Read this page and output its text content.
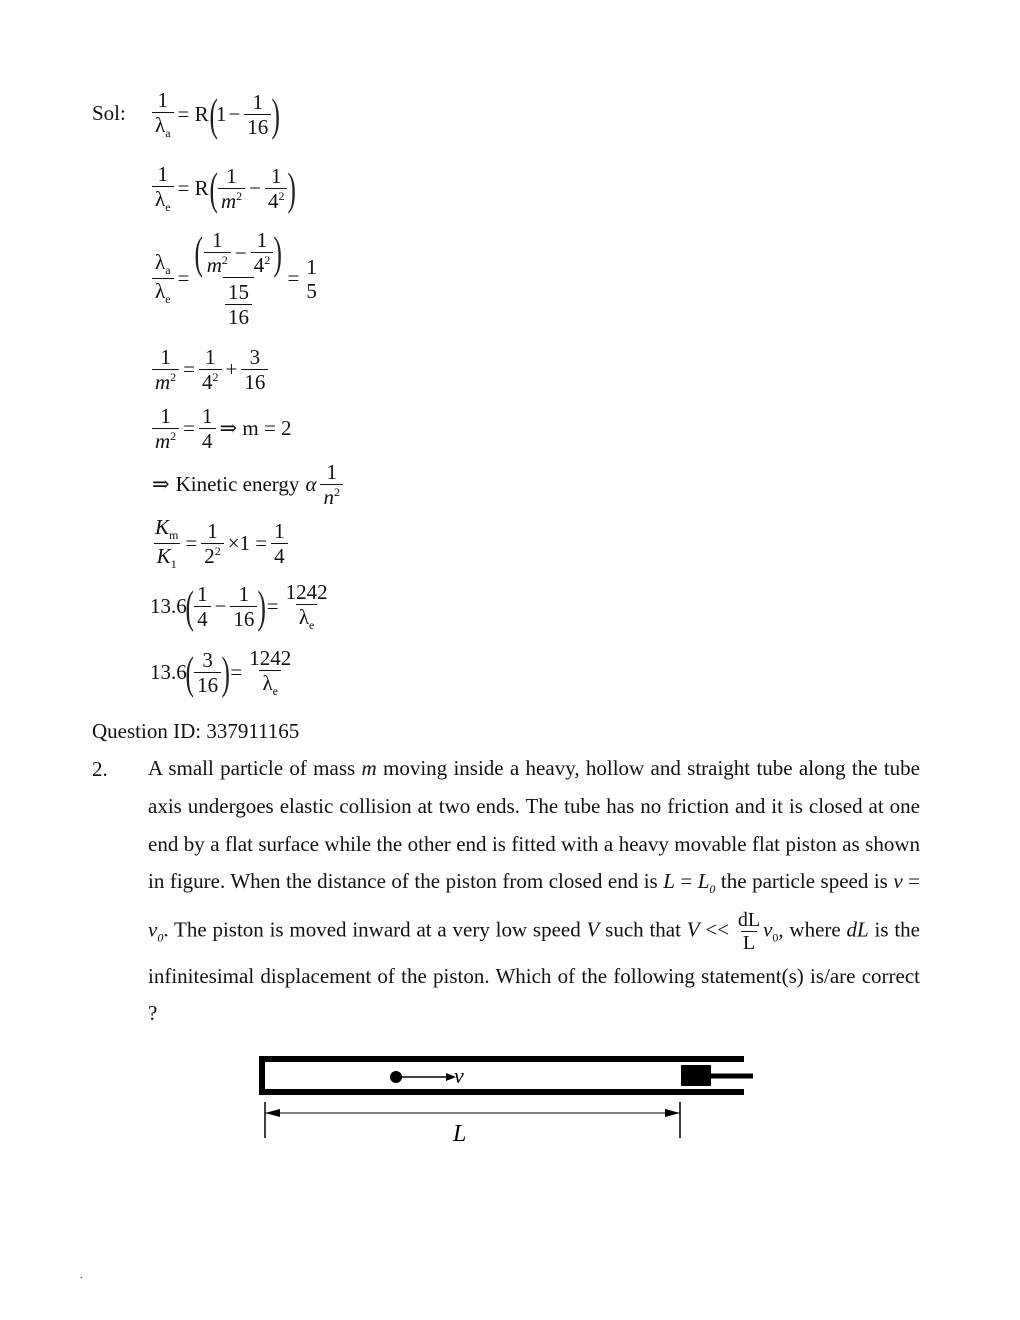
Sol: $\frac{1}{\lambda_a} = R$ (
$1 - \frac{1}{16}$ )
$\frac{1}{\lambda_e} = R$ ( $\frac{1}{m^2} - \frac{1}{4^2}$ )
$\frac{\lambda_a}{\lambda_e} = \frac{( \frac{1}{m^2} - \frac{1}{4^2} )}{\frac{15}{16}} = 1$
5
$\frac{1}{m^2} = \frac{1}{4^2} + \frac{3}{16}$
$\frac{1}{m^2} = \frac{1}{4}$ ⇒ m = 2
⇒ Kinetic energy α $\frac{1}{n^2}$
$\frac{K_m}{K_1} = \frac{1}{2^2} \times 1 = \frac{1}{4}$
13.6
( $\frac{1}{4} - \frac{1}{16}$ ) = $\frac{1242}{\lambda_e}$
13.6
( $\frac{3}{16}$ ) = $\frac{1242}{\lambda_e}$
Question ID: 337911165
2. A small particle of mass m moving inside a heavy, hollow and straight tube along the tube axis undergoes elastic collision at two ends. The tube has no friction and it is closed at one end by a flat surface while the other end is fitted with a heavy movable flat piston as shown in figure. When the distance of the piston from closed end is $L = L_0$ the particle speed is $v = v_0$. The piston is moved inward at a very low speed V such that $V << \frac{dL}{L} v_0$, where dL is the infinitesimal displacement of the piston. Which of the following statement(s) is/are correct ?
v
L
.
